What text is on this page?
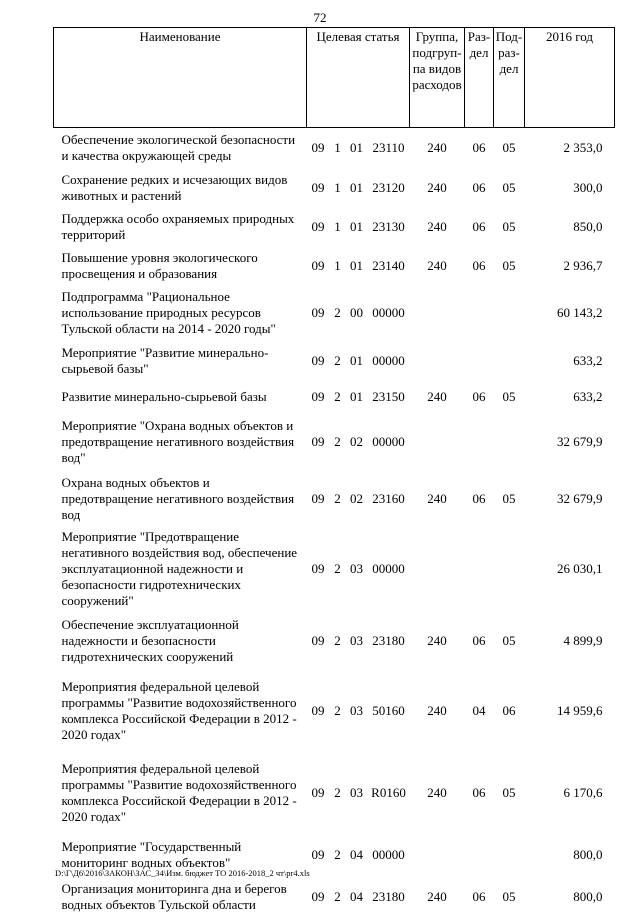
72
Наименование	Целевая статья	Группа, подгруп- па видов расходов	Раз- дел	Под- раз- дел	2016 год
Обеспечение экологической безопасности и качества окружающей среды	09 1 01 23110	240	06	05	2 353,0
Сохранение редких и исчезающих видов животных и растений	09 1 01 23120	240	06	05	300,0
Поддержка особо охраняемых природных территорий	09 1 01 23130	240	06	05	850,0
Повышение уровня экологического просвещения и образования	09 1 01 23140	240	06	05	2 936,7
Подпрограмма "Рациональное использование природных ресурсов Тульской области на 2014 - 2020 годы"	09 2 00 00000				60 143,2
Мероприятие "Развитие минерально-сырьевой базы"	09 2 01 00000				633,2
Развитие минерально-сырьевой базы	09 2 01 23150	240	06	05	633,2
Мероприятие "Охрана водных объектов и предотвращение негативного воздействия вод"	09 2 02 00000				32 679,9
Охрана водных объектов и предотвращение негативного воздействия вод	09 2 02 23160	240	06	05	32 679,9
Мероприятие "Предотвращение негативного воздействия вод, обеспечение эксплуатационной надежности и безопасности гидротехнических сооружений"	09 2 03 00000				26 030,1
Обеспечение эксплуатационной надежности и безопасности гидротехнических сооружений	09 2 03 23180	240	06	05	4 899,9
Мероприятия федеральной целевой программы "Развитие водохозяйственного комплекса Российской Федерации в 2012 - 2020 годах"	09 2 03 50160	240	04	06	14 959,6
Мероприятия федеральной целевой программы "Развитие водохозяйственного комплекса Российской Федерации в 2012 - 2020 годах"	09 2 03 R0160	240	06	05	6 170,6
Мероприятие "Государственный мониторинг водных объектов"	09 2 04 00000				800,0
Организация мониторинга дна и берегов водных объектов Тульской области	09 2 04 23180	240	06	05	800,0
D:\Г\Д6\2016\ЗАКОН\ЗАС_34\Изм. бюджет ТО 2016-2018_2 чт\pr4.xls
